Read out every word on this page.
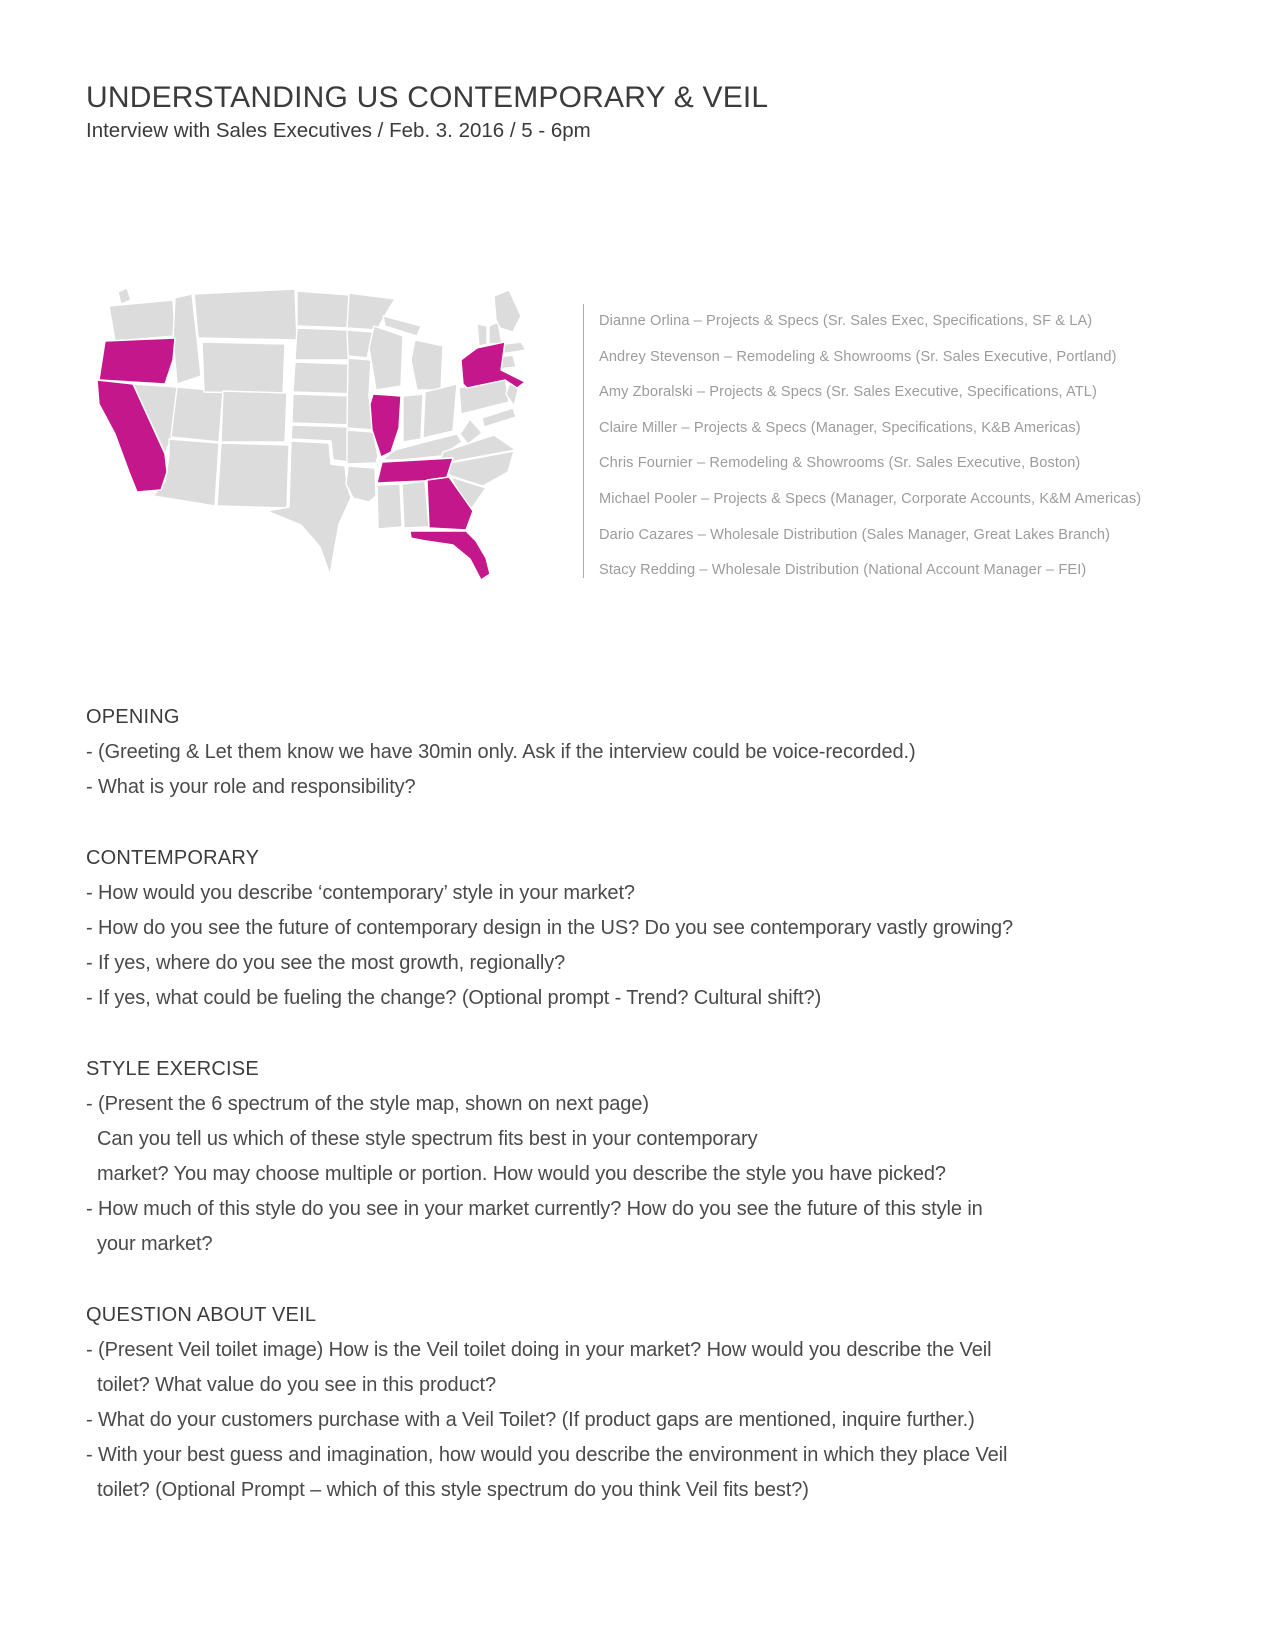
UNDERSTANDING US CONTEMPORARY & VEIL
Interview with Sales Executives / Feb. 3. 2016 / 5 - 6pm
Dianne Orlina – Projects & Specs (Sr. Sales Exec, Specifications, SF & LA)
Andrey Stevenson – Remodeling & Showrooms (Sr. Sales Executive, Portland)
Amy Zboralski – Projects & Specs (Sr. Sales Executive, Specifications, ATL)
Claire Miller – Projects & Specs (Manager, Specifications, K&B Americas)
Chris Fournier – Remodeling & Showrooms (Sr. Sales Executive, Boston)
Michael Pooler – Projects & Specs (Manager, Corporate Accounts, K&M Americas)
Dario Cazares – Wholesale Distribution (Sales Manager, Great Lakes Branch)
Stacy Redding – Wholesale Distribution (National Account Manager – FEI)
OPENING

- (Greeting & Let them know we have 30min only. Ask if the interview could be voice-recorded.)

- What is your role and responsibility?

CONTEMPORARY

- How would you describe ‘contemporary’ style in your market?

- How do you see the future of contemporary design in the US? Do you see contemporary vastly growing?

- If yes, where do you see the most growth, regionally?

- If yes, what could be fueling the change? (Optional prompt - Trend? Cultural shift?)

STYLE EXERCISE

- (Present the 6 spectrum of the style map, shown on next page)

Can you tell us which of these style spectrum fits best in your contemporary

market? You may choose multiple or portion. How would you describe the style you have picked?

- How much of this style do you see in your market currently? How do you see the future of this style in

your market?

QUESTION ABOUT VEIL

- (Present Veil toilet image) How is the Veil toilet doing in your market? How would you describe the Veil

toilet? What value do you see in this product?

- What do your customers purchase with a Veil Toilet? (If product gaps are mentioned, inquire further.)

- With your best guess and imagination, how would you describe the environment in which they place Veil

toilet? (Optional Prompt – which of this style spectrum do you think Veil fits best?)
